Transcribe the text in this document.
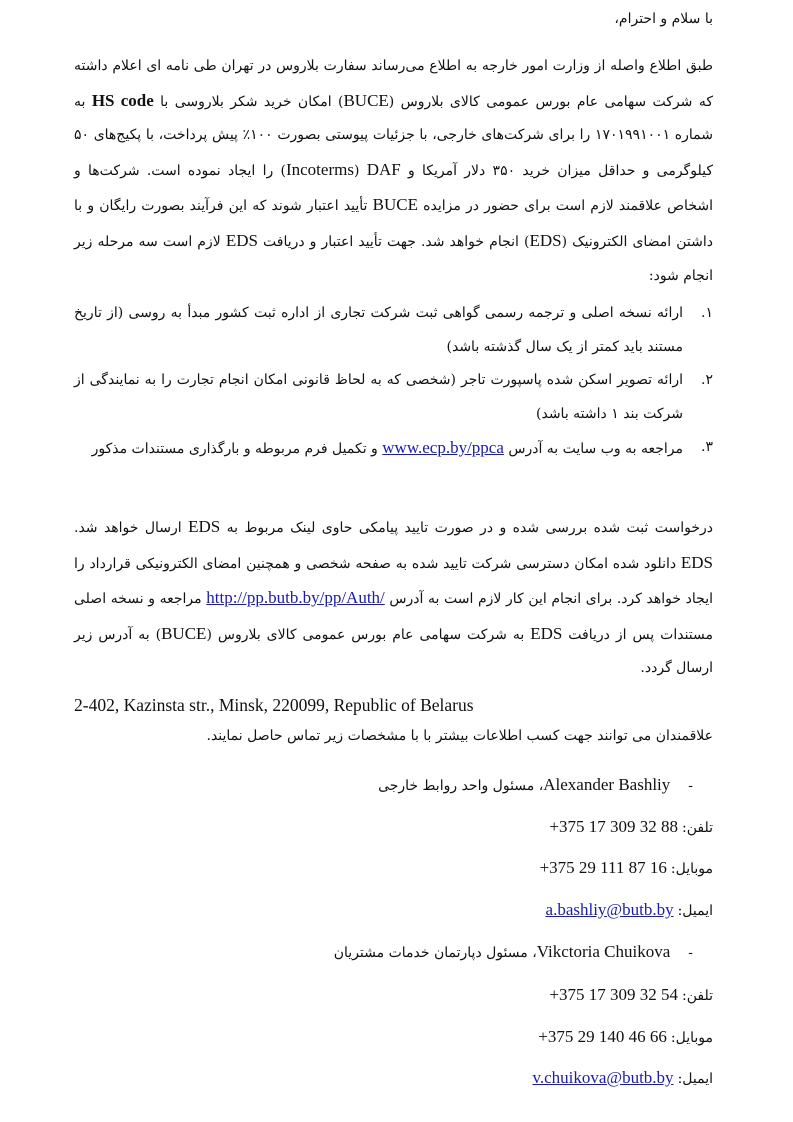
با سلام و احترام،
طبق اطلاع واصله از وزارت امور خارجه به اطلاع می‌رساند سفارت بلاروس در تهران طی نامه ای اعلام داشته که شرکت سهامی عام بورس عمومی کالای بلاروس (BUCE) امکان خرید شکر بلاروسی با HS code به شماره ۱۷۰۱۹۹۱۰۰۱ را برای شرکت‌های خارجی، با جزئیات پیوستی بصورت ۱۰۰٪ پیش پرداخت، با پکیج‌های ۵۰ کیلوگرمی و حداقل میزان خرید ۳۵۰ دلار آمریکا و DAF (Incoterms) را ایجاد نموده است. شرکت‌ها و اشخاص علاقمند لازم است برای حضور در مزایده BUCE تأیید اعتبار شوند که این فرآیند بصورت رایگان و با داشتن امضای الکترونیک (EDS) انجام خواهد شد. جهت تأیید اعتبار و دریافت EDS لازم است سه مرحله زیر انجام شود:
۱.
ارائه نسخه اصلی و ترجمه رسمی گواهی ثبت شرکت تجاری از اداره ثبت کشور مبدأ به روسی (از تاریخ مستند باید کمتر از یک سال گذشته باشد)
۲.
ارائه تصویر اسکن شده پاسپورت تاجر (شخصی که به لحاظ قانونی امکان انجام تجارت را به نمایندگی از شرکت بند ۱ داشته باشد)
۳.
مراجعه به وب سایت به آدرس www.ecp.by/ppca و تکمیل فرم مربوطه و بارگذاری مستندات مذکور
درخواست ثبت شده بررسی شده و در صورت تایید پیامکی حاوی لینک مربوط به EDS ارسال خواهد شد. EDS دانلود شده امکان دسترسی شرکت تایید شده به صفحه شخصی و همچنین امضای الکترونیکی قرارداد را ایجاد خواهد کرد. برای انجام این کار لازم است به آدرس http://pp.butb.by/pp/Auth/ مراجعه و نسخه اصلی مستندات پس از دریافت EDS به شرکت سهامی عام بورس عمومی کالای بلاروس (BUCE) به آدرس زیر ارسال گردد.
2-402, Kazinsta str., Minsk, 220099, Republic of Belarus
علاقمندان می توانند جهت کسب اطلاعات بیشتر با با مشخصات زیر تماس حاصل نمایند.
-Alexander Bashliy، مسئول واحد روابط خارجی
تلفن:+375 17 309 32 88
موبایل:+375 29 111 87 16
ایمیل:a.bashliy@butb.by
-Vikctoria Chuikova، مسئول دپارتمان خدمات مشتریان
تلفن:+375 17 309 32 54
موبایل:+375 29 140 46 66
ایمیل:v.chuikova@butb.by
